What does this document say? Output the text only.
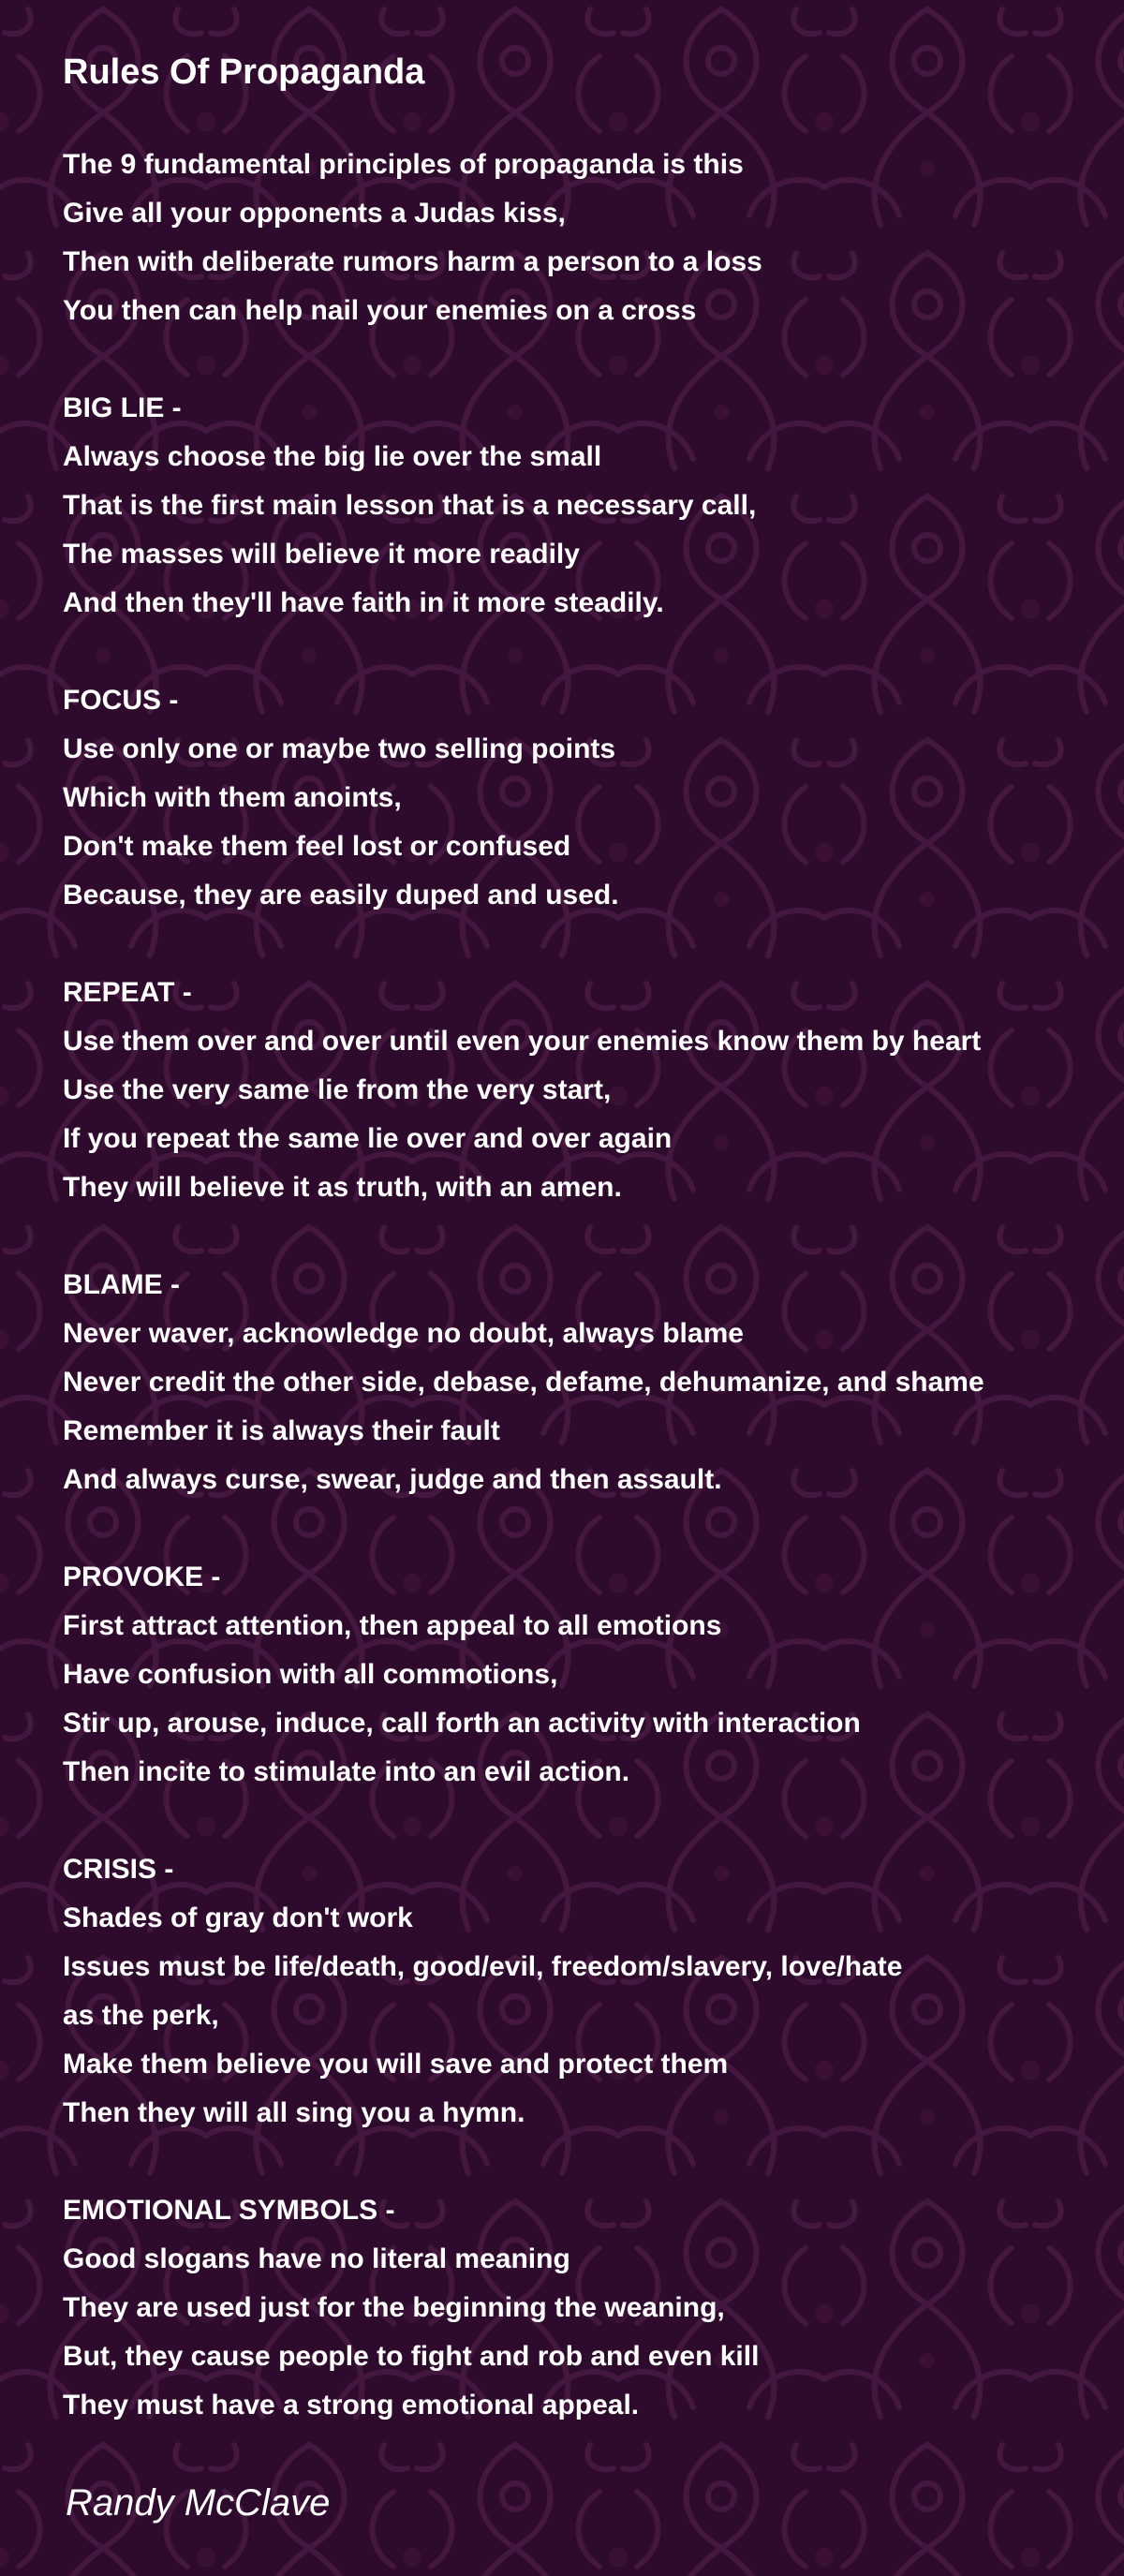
Rules Of Propaganda
The 9 fundamental principles of propaganda is this
Give all your opponents a Judas kiss,
Then with deliberate rumors harm a person to a loss
You then can help nail your enemies on a cross
BIG LIE -
Always choose the big lie over the small
That is the first main lesson that is a necessary call,
The masses will believe it more readily
And then they'll have faith in it more steadily.
FOCUS -
Use only one or maybe two selling points
Which with them anoints,
Don't make them feel lost or confused
Because, they are easily duped and used.
REPEAT -
Use them over and over until even your enemies know them by heart
Use the very same lie from the very start,
If you repeat the same lie over and over again
They will believe it as truth, with an amen.
BLAME -
Never waver, acknowledge no doubt, always blame
Never credit the other side, debase, defame, dehumanize, and shame
Remember it is always their fault
And always curse, swear, judge and then assault.
PROVOKE -
First attract attention, then appeal to all emotions
Have confusion with all commotions,
Stir up, arouse, induce, call forth an activity with interaction
Then incite to stimulate into an evil action.
CRISIS -
Shades of gray don't work
Issues must be life/death, good/evil, freedom/slavery, love/hate
as the perk,
Make them believe you will save and protect them
Then they will all sing you a hymn.
EMOTIONAL SYMBOLS -
Good slogans have no literal meaning
They are used just for the beginning the weaning,
But, they cause people to fight and rob and even kill
They must have a strong emotional appeal.
Randy McClave
